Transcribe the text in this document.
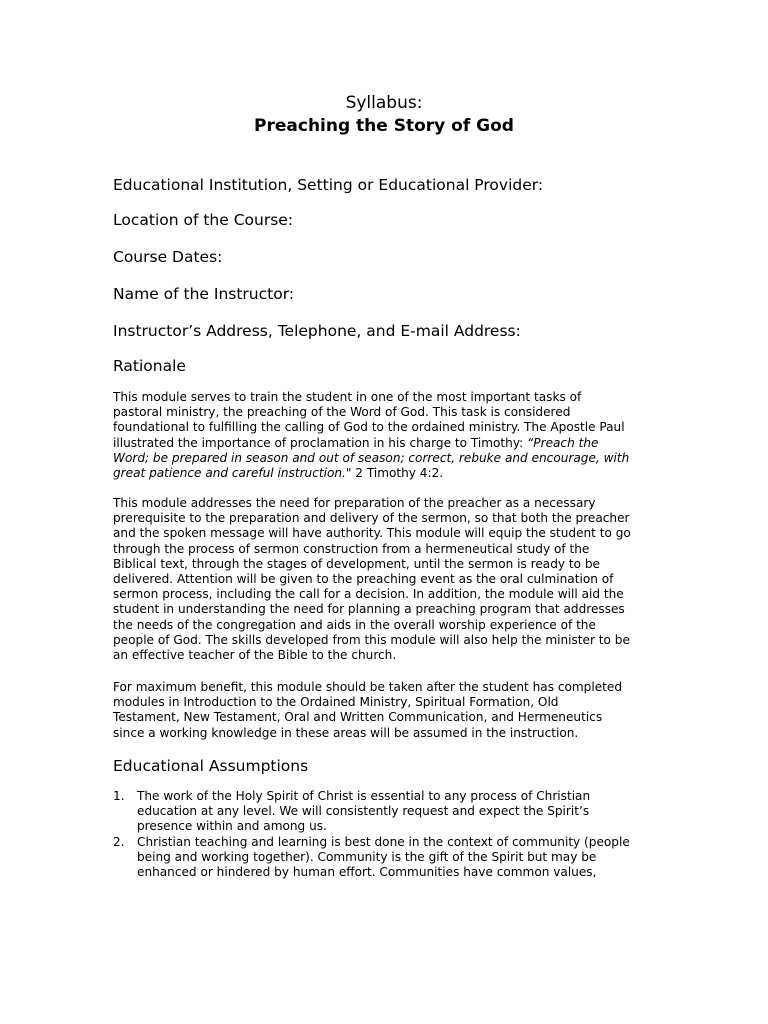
Syllabus:
Preaching the Story of God
Educational Institution, Setting or Educational Provider:
Location of the Course:
Course Dates:
Name of the Instructor:
Instructor’s Address, Telephone, and E-mail Address:
Rationale
This module serves to train the student in one of the most important tasks of
pastoral ministry, the preaching of the Word of God. This task is considered
foundational to fulfilling the calling of God to the ordained ministry. The Apostle Paul
illustrated the importance of proclamation in his charge to Timothy: “Preach the
Word; be prepared in season and out of season; correct, rebuke and encourage, with
great patience and careful instruction." 2 Timothy 4:2.
This module addresses the need for preparation of the preacher as a necessary
prerequisite to the preparation and delivery of the sermon, so that both the preacher
and the spoken message will have authority. This module will equip the student to go
through the process of sermon construction from a hermeneutical study of the
Biblical text, through the stages of development, until the sermon is ready to be
delivered. Attention will be given to the preaching event as the oral culmination of
sermon process, including the call for a decision. In addition, the module will aid the
student in understanding the need for planning a preaching program that addresses
the needs of the congregation and aids in the overall worship experience of the
people of God. The skills developed from this module will also help the minister to be
an effective teacher of the Bible to the church.
For maximum benefit, this module should be taken after the student has completed
modules in Introduction to the Ordained Ministry, Spiritual Formation, Old
Testament, New Testament, Oral and Written Communication, and Hermeneutics
since a working knowledge in these areas will be assumed in the instruction.
Educational Assumptions
1. The work of the Holy Spirit of Christ is essential to any process of Christian
education at any level. We will consistently request and expect the Spirit’s
presence within and among us.
2. Christian teaching and learning is best done in the context of community (people
being and working together). Community is the gift of the Spirit but may be
enhanced or hindered by human effort. Communities have common values,
